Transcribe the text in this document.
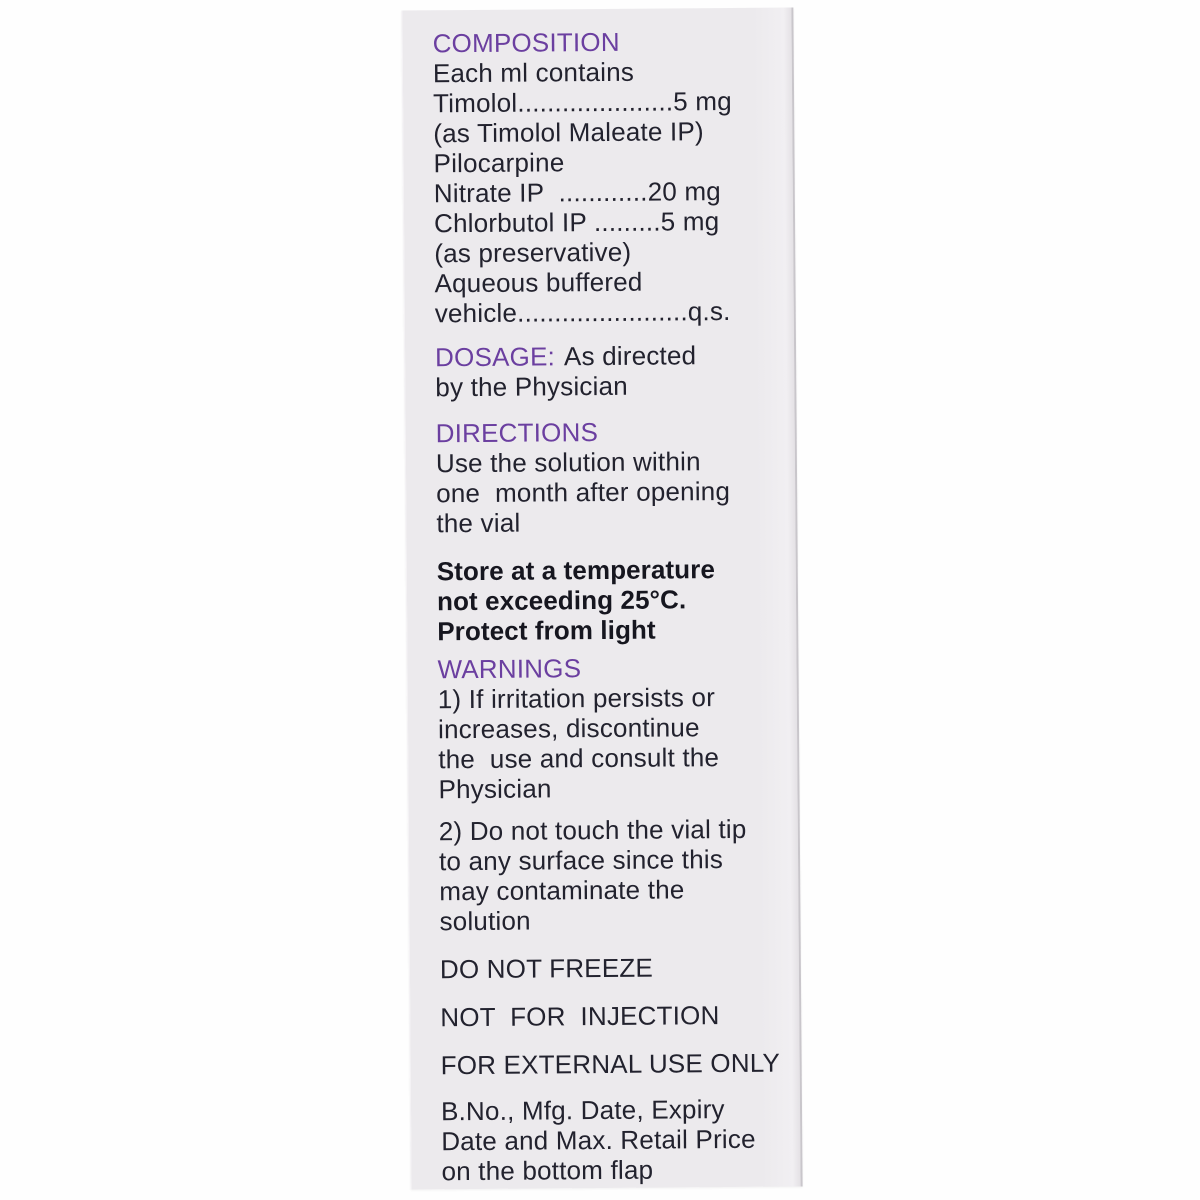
COMPOSITION
Each ml contains
Timolol.....................5 mg
(as Timolol Maleate IP)
Pilocarpine
Nitrate IP  ............20 mg
Chlorbutol IP .........5 mg
(as preservative)
Aqueous buffered
vehicle.......................q.s.
DOSAGE: As directed
by the Physician
DIRECTIONS
Use the solution within
one  month after opening
the vial
Store at a temperature
not exceeding 25°C.
Protect from light
WARNINGS
1) If irritation persists or
increases, discontinue
the  use and consult the
Physician
2) Do not touch the vial tip
to any surface since this
may contaminate the
solution
DO NOT FREEZE
NOT  FOR  INJECTION
FOR EXTERNAL USE ONLY
B.No., Mfg. Date, Expiry
Date and Max. Retail Price
on the bottom flap
